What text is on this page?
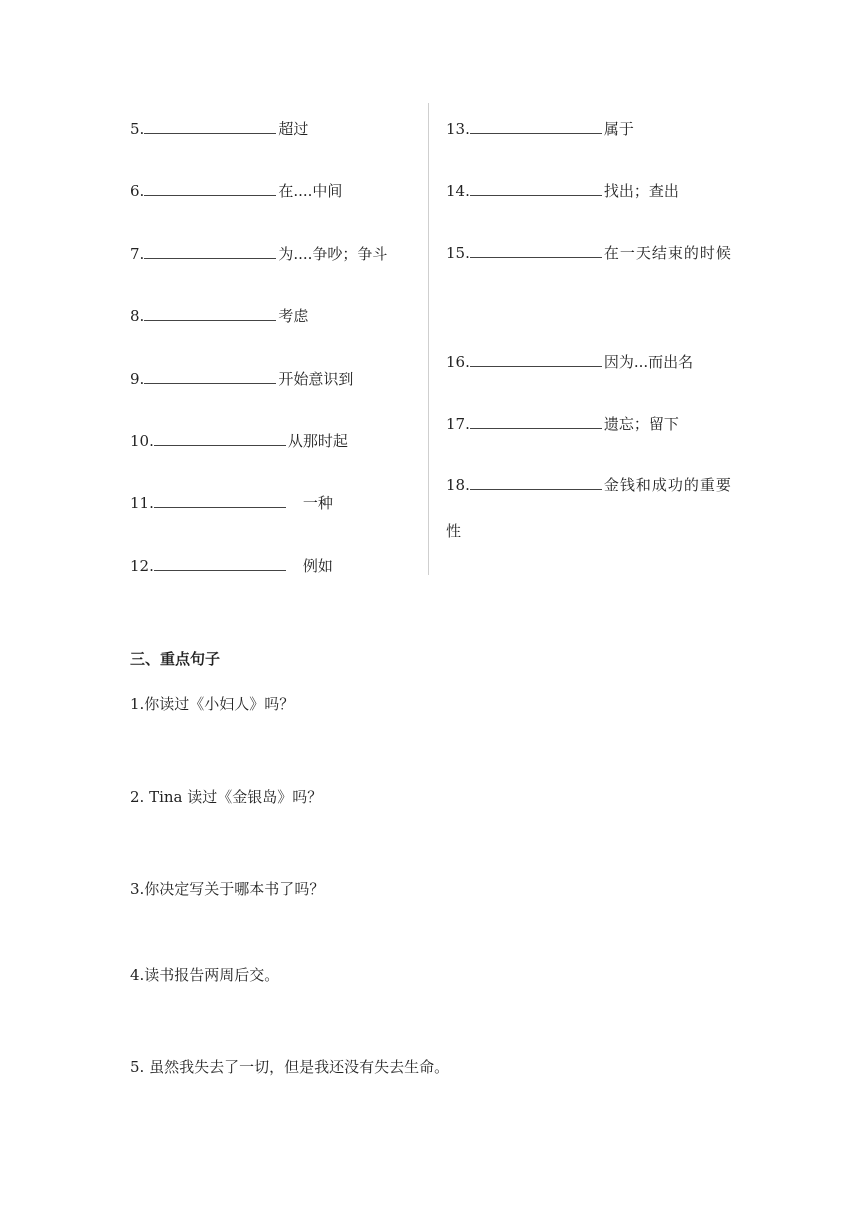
5.	超过
6.	在....中间
7.	为....争吵；争斗
8.	考虑
9.	开始意识到
10.	从那时起
11.	　一种
12.	　例如
13.	属于
14.	找出；查出
15.	在一天结束的时候
16.	因为...而出名
17.	遗忘；留下
18.	金钱和成功的重要性
三、重点句子
1.你读过《小妇人》吗？
2. Tina 读过《金银岛》吗？
3.你决定写关于哪本书了吗？
4.读书报告两周后交。
5. 虽然我失去了一切，但是我还没有失去生命。
